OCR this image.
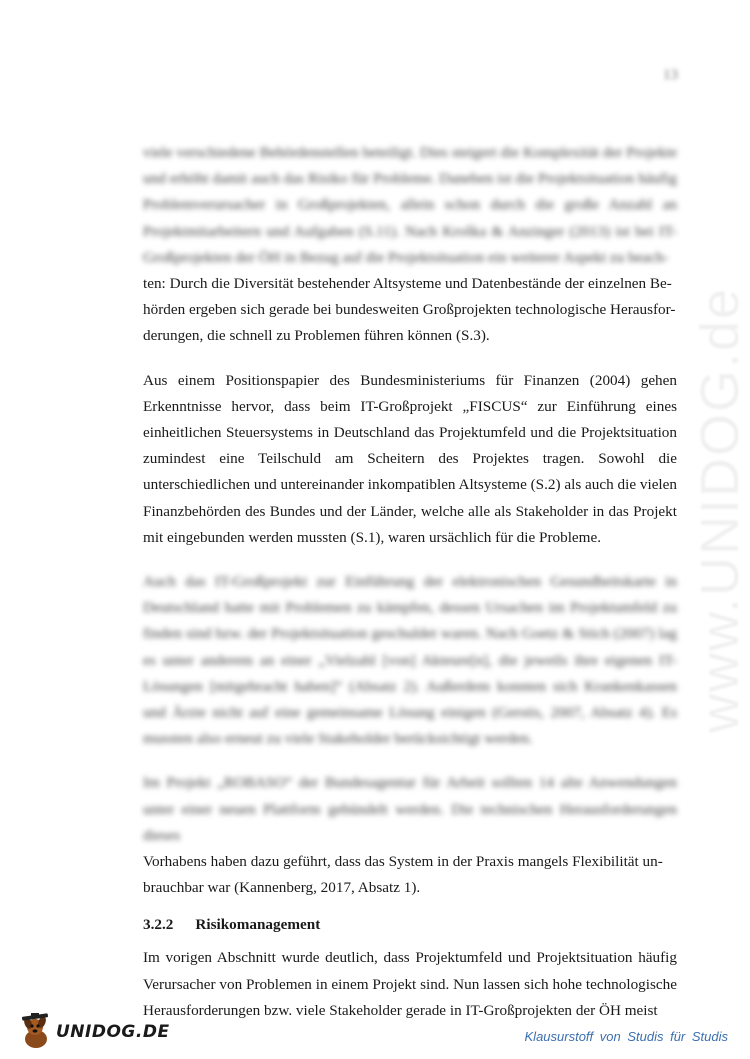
13
www.UNIDOG.de

viele verschiedene Behördenstellen beteiligt. Dies steigert die Komplexität der Projekte und erhöht damit auch das Risiko für Probleme. Daneben ist die Projektsituation häufig Problemverursacher in Großprojekten, allein schon durch die große Anzahl an Projektmitarbeitern und Aufgaben (S.11). Nach Kroška & Anzinger (2013) ist bei IT-Großprojekten der ÖH in Bezug auf die Projektsituation ein weiterer Aspekt zu beach-

ten: Durch die Diversität bestehender Altsysteme und Datenbestände der einzelnen Be-

hörden ergeben sich gerade bei bundesweiten Großprojekten technologische Herausfor-

derungen, die schnell zu Problemen führen können (S.3).

Aus einem Positionspapier des Bundesministeriums für Finanzen (2004) gehen Erkenntnisse hervor, dass beim IT-Großprojekt „FISCUS“ zur Einführung eines einheitlichen Steuersystems in Deutschland das Projektumfeld und die Projektsituation zumindest eine Teilschuld am Scheitern des Projektes tragen. Sowohl die unterschiedlichen und untereinander inkompatiblen Altsysteme (S.2) als auch die vielen Finanzbehörden des Bundes und der Länder, welche alle als Stakeholder in das Projekt mit eingebunden werden mussten (S.1), waren ursächlich für die Probleme.

Auch das IT-Großprojekt zur Einführung der elektronischen Gesundheitskarte in Deutschland hatte mit Problemen zu kämpfen, dessen Ursachen im Projektumfeld zu finden sind bzw. der Projektsituation geschuldet waren. Nach Goetz & Stich (2007) lag es unter anderem an einer „Vielzahl [von] Akteure[n], die jeweils ihre eigenen IT-Lösungen [mitgebracht haben]“ (Absatz 2). Außerdem konnten sich Krankenkassen und Ärzte nicht auf eine gemeinsame Lösung einigen (Gerstis, 2007, Absatz 4). Es mussten also erneut zu viele Stakeholder berücksichtigt werden.

Im Projekt „ROBASO“ der Bundesagentur für Arbeit sollten 14 alte Anwendungen unter einer neuen Plattform gebündelt werden. Die technischen Herausforderungen dieses

Vorhabens haben dazu geführt, dass das System in der Praxis mangels Flexibilität un-

brauchbar war (Kannenberg, 2017, Absatz 1).

3.2.2 Risikomanagement

Im vorigen Abschnitt wurde deutlich, dass Projektumfeld und Projektsituation häufig Verursacher von Problemen in einem Projekt sind. Nun lassen sich hohe technologische Herausforderungen bzw. viele Stakeholder gerade in IT-Großprojekten der ÖH meist

UNIDOG.DE	Klausurstoff von Studis für Studis
